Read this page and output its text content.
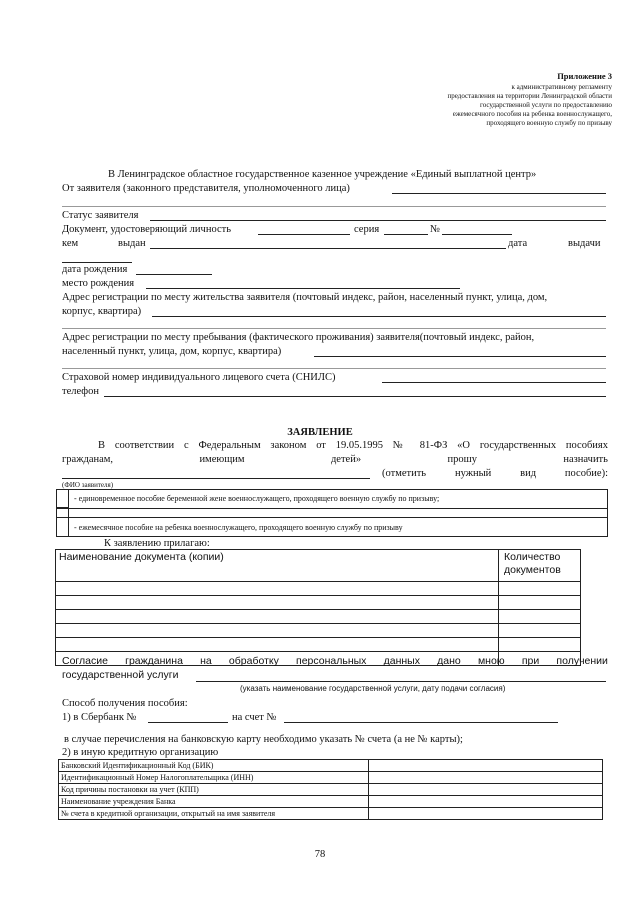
Приложение 3
к административному регламенту
предоставления на территории Ленинградской области
государственной услуги по предоставлению
ежемесячного пособия на ребенка военнослужащего,
проходящего военную службу по призыву
В Ленинградское областное государственное казенное учреждение «Единый выплатной центр»
От заявителя (законного представителя, уполномоченного лица)
Статус заявителя
Документ, удостоверяющий личность	серия	№
кем	выдан	дата	выдачи
дата рождения
место рождения
Адрес регистрации по месту жительства заявителя (почтовый индекс, район, населенный пункт, улица, дом,
корпус, квартира)
Адрес регистрации по месту пребывания (фактического проживания) заявителя(почтовый индекс, район,
населенный пункт, улица, дом, корпус, квартира)
Страховой номер индивидуального лицевого счета (СНИЛС)
телефон
ЗАЯВЛЕНИЕ
В соответствии с Федеральным законом от 19.05.1995 № 81-ФЗ «О государственных пособиях
гражданам,	имеющим	детей»	прошу	назначить
(отметить	нужный	вид	пособие):
(ФИО заявителя)
- единовременное пособие беременной жене военнослужащего, проходящего военную службу по призыву;
- ежемесячное пособие на ребенка военнослужащего, проходящего военную службу по призыву
К заявлению прилагаю:
Наименование документа (копии)	Количество
документов

Согласие гражданина на обработку персональных данных дано мною при получении
государственной услуги
(указать наименование государственной услуги, дату подачи согласия)
Способ получения пособия:
1) в Сбербанк №	на счет №
в случае перечисления на банковскую карту необходимо указать № счета (а не № карты);
2) в иную кредитную организацию
Банковский Идентификационный Код (БИК)	
Идентификационный Номер Налогоплательщика (ИНН)	
Код причины постановки на учет (КПП)	
Наименование учреждения Банка	
№ счета в кредитной организации, открытый на имя заявителя	
78
